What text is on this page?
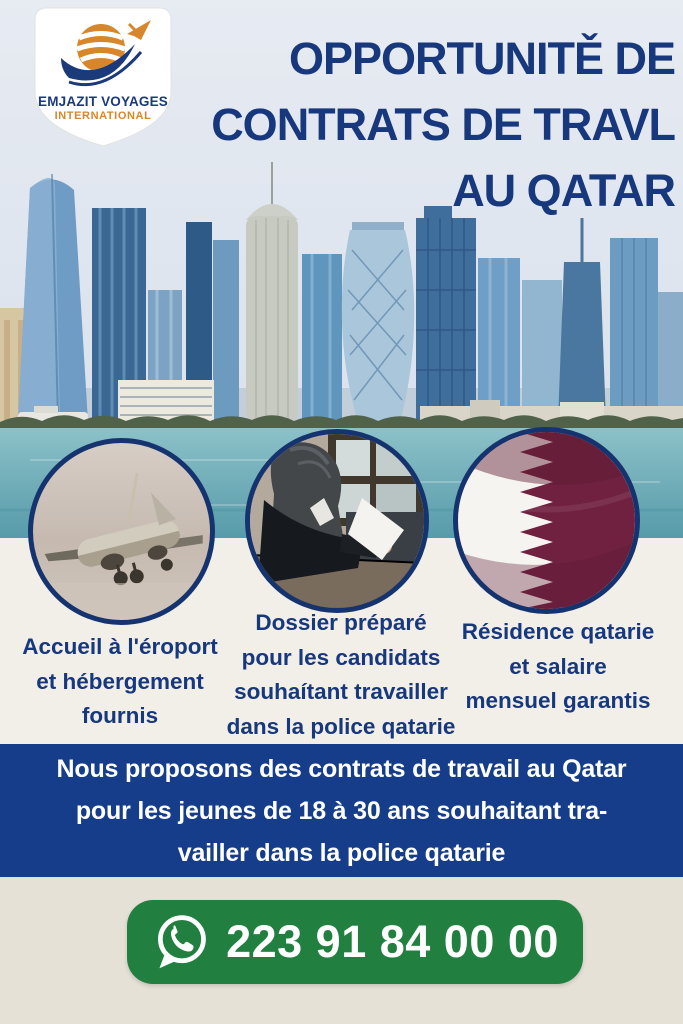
Nous proposons des contrats de travail au Qatar
pour les jeunes de 18 à 30 ans souhaitant tra-
vailler dans la police qatarie
Accueil à l'éroport
et hébergement
fournis
Dossier préparé
pour les candidats
souhaítant travailler
dans la police qatarie
Résidence qatarie
et salaire
mensuel garantis
EMJAZIT VOYAGES
INTERNATIONAL
OPPORTUNITĚ DE
CONTRATS DE TRAVL
AU QATAR
223 91 84 00 00
